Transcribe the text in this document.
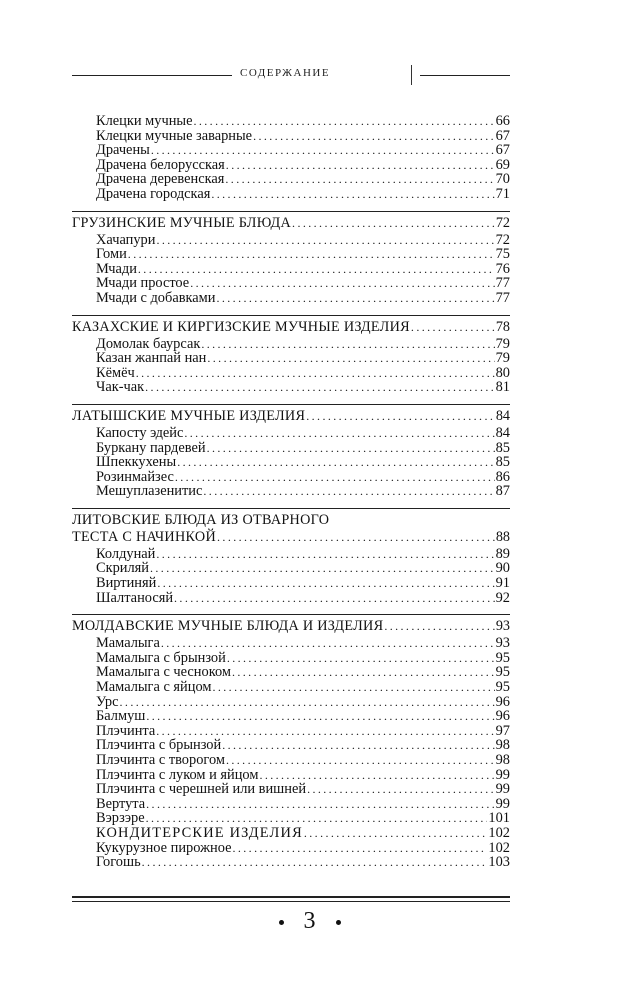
СОДЕРЖАНИЕ
Клецки мучные .....	66
Клецки мучные заварные .....	67
Драчены .....	67
Драчена белорусская .....	69
Драчена деревенская .....	70
Драчена городская .....	71
ГРУЗИНСКИЕ МУЧНЫЕ БЛЮДА .....	72
Хачапури .....	72
Гоми .....	75
Мчади .....	76
Мчади простое .....	77
Мчади с добавками .....	77
КАЗАХСКИЕ И КИРГИЗСКИЕ МУЧНЫЕ ИЗДЕЛИЯ .....	78
Домолак баурсак .....	79
Казан жанпай нан .....	79
Кёмёч .....	80
Чак-чак .....	81
ЛАТЫШСКИЕ МУЧНЫЕ ИЗДЕЛИЯ .....	84
Капосту эдейс .....	84
Буркану пардевей .....	85
Шпеккухены .....	85
Розинмайзес .....	86
Мешуплазенитис .....	87
ЛИТОВСКИЕ БЛЮДА ИЗ ОТВАРНОГО
ТЕСТА С НАЧИНКОЙ .....	88
Колдунай .....	89
Скриляй .....	90
Виртиняй .....	91
Шалтаносяй .....	92
МОЛДАВСКИЕ МУЧНЫЕ БЛЮДА И ИЗДЕЛИЯ .....	93
Мамалыга .....	93
Мамалыга с брынзой .....	95
Мамалыга с чесноком .....	95
Мамалыга с яйцом .....	95
Урс .....	96
Балмуш .....	96
Плэчинта .....	97
Плэчинта с брынзой .....	98
Плэчинта с творогом .....	98
Плэчинта с луком и яйцом .....	99
Плэчинта с черешней или вишней .....	99
Вертута .....	99
Вэрзэре .....	101
КОНДИТЕРСКИЕ ИЗДЕЛИЯ .....	102
Кукурузное пирожное .....	102
Гогошь .....	103
3
